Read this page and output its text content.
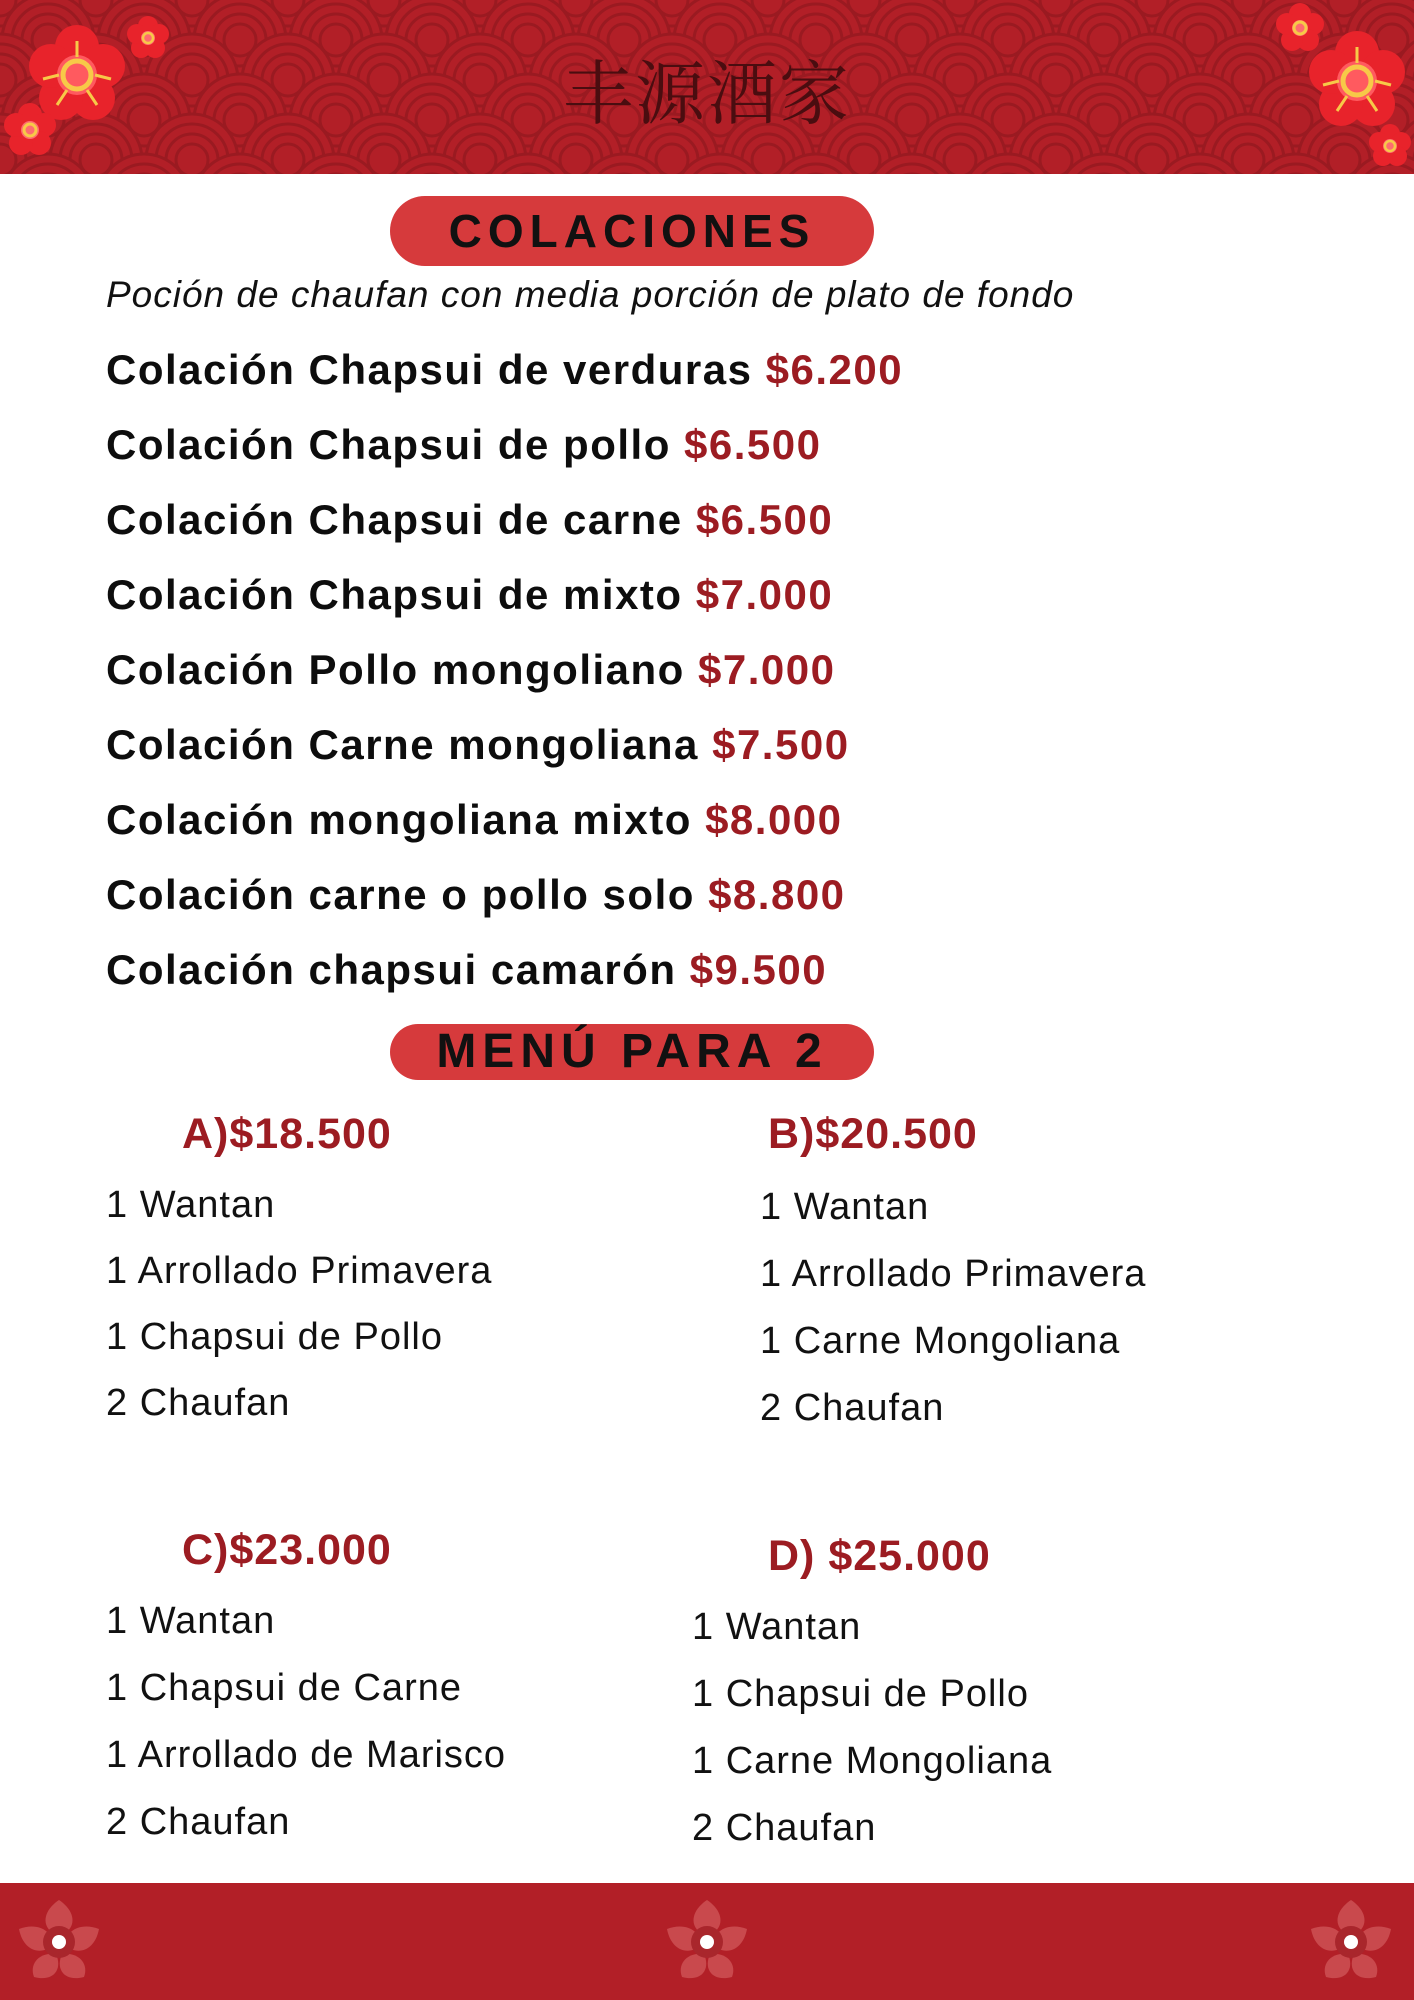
丰源酒家
COLACIONES

Poción de chaufan con media porción de plato de fondo

Colación Chapsui de verduras $6.200
Colación Chapsui de pollo $6.500
Colación Chapsui de carne $6.500
Colación Chapsui de mixto $7.000
Colación Pollo mongoliano $7.000
Colación Carne mongoliana $7.500
Colación mongoliana mixto $8.000
Colación carne o pollo solo $8.800
Colación chapsui camarón $9.500
MENÚ PARA 2
A)$18.500
1 Wantan
1 Arrollado Primavera
1 Chapsui de Pollo
2 Chaufan
B)$20.500
1 Wantan
1 Arrollado Primavera
1 Carne Mongoliana
2 Chaufan
C)$23.000
1 Wantan
1 Chapsui de Carne
1 Arrollado de Marisco
2 Chaufan
D) $25.000
1 Wantan
1 Chapsui de Pollo
1 Carne Mongoliana
2 Chaufan
